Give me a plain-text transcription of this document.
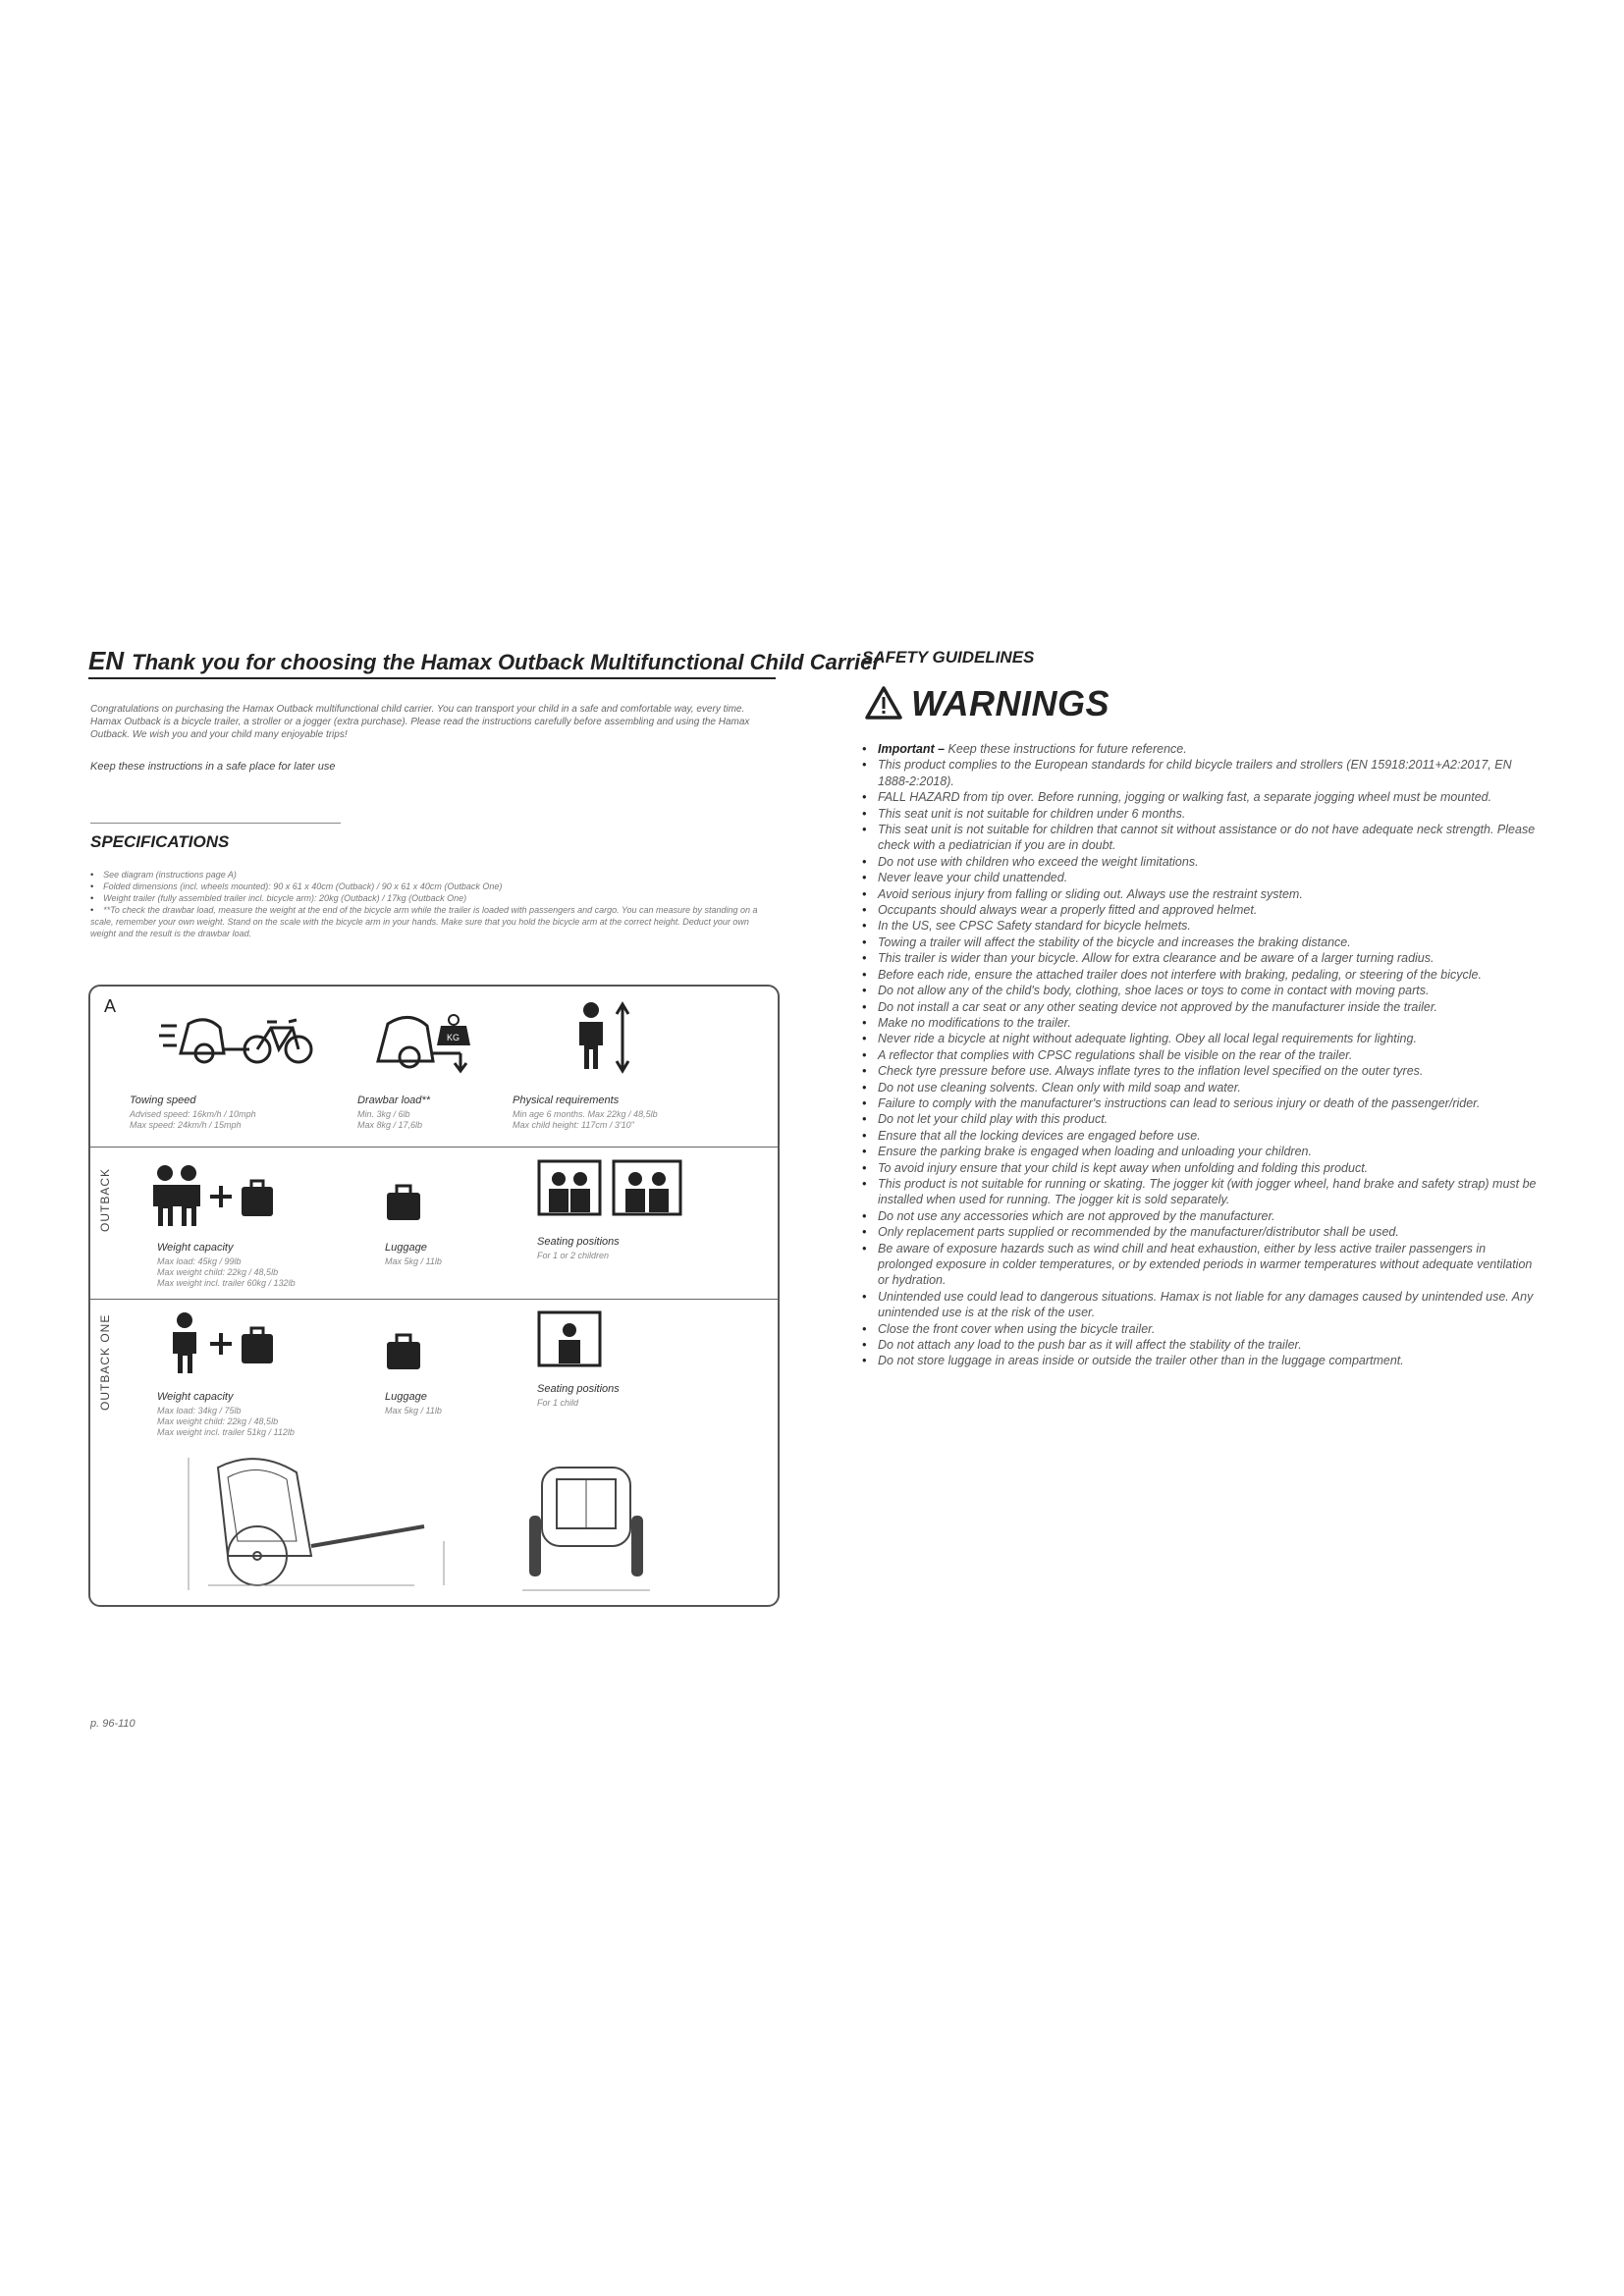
EN Thank you for choosing the Hamax Outback Multifunctional Child Carrier
Congratulations on purchasing the Hamax Outback multifunctional child carrier. You can transport your child in a safe and comfortable way, every time. Hamax Outback is a bicycle trailer, a stroller or a jogger (extra purchase). Please read the instructions carefully before assembling and using the Hamax Outback. We wish you and your child many enjoyable trips!
Keep these instructions in a safe place for later use
SPECIFICATIONS
• See diagram (instructions page A)
• Folded dimensions (incl. wheels mounted): 90 x 61 x 40cm (Outback) / 90 x 61 x 40cm (Outback One)
• Weight trailer (fully assembled trailer incl. bicycle arm): 20kg (Outback) / 17kg (Outback One)
• **To check the drawbar load, measure the weight at the end of the bicycle arm while the trailer is loaded with passengers and cargo. You can measure by standing on a scale, remember your own weight. Stand on the scale with the bicycle arm in your hands. Make sure that you hold the bicycle arm at the correct height. Deduct your own weight and the result is the drawbar load.
A
KG
Towing speed
Advised speed: 16km/h / 10mph
Max speed: 24km/h / 15mph
Drawbar load**
Min. 3kg / 6lb
Max 8kg / 17,6lb
Physical requirements
Min age 6 months. Max 22kg / 48,5lb
Max child height: 117cm / 3'10"
OUTBACK
Weight capacity
Max load: 45kg / 99lb
Max weight child: 22kg / 48,5lb
Max weight incl. trailer 60kg / 132lb
Luggage
Max 5kg / 11lb
Seating positions
For 1 or 2 children
OUTBACK ONE	Weight capacity
Max load: 34kg / 75lb
Max weight child: 22kg / 48,5lb
Max weight incl. trailer 51kg / 112lb
Luggage
Max 5kg / 11lb
Seating positions
For 1 child
p. 96-110
SAFETY GUIDELINES
WARNINGS
• Important – Keep these instructions for future reference.
• This product complies to the European standards for child bicycle trailers and strollers (EN 15918:2011+A2:2017, EN 1888-2:2018).
• FALL HAZARD from tip over. Before running, jogging or walking fast, a separate jogging wheel must be mounted.
• This seat unit is not suitable for children under 6 months.
• This seat unit is not suitable for children that cannot sit without assistance or do not have adequate neck strength. Please check with a pediatrician if you are in doubt.
• Do not use with children who exceed the weight limitations.
• Never leave your child unattended.
• Avoid serious injury from falling or sliding out. Always use the restraint system.
• Occupants should always wear a properly fitted and approved helmet.
• In the US, see CPSC Safety standard for bicycle helmets.
• Towing a trailer will affect the stability of the bicycle and increases the braking distance.
• This trailer is wider than your bicycle. Allow for extra clearance and be aware of a larger turning radius.
• Before each ride, ensure the attached trailer does not interfere with braking, pedaling, or steering of the bicycle.
• Do not allow any of the child's body, clothing, shoe laces or toys to come in contact with moving parts.
• Do not install a car seat or any other seating device not approved by the manufacturer inside the trailer.
• Make no modifications to the trailer.
• Never ride a bicycle at night without adequate lighting. Obey all local legal requirements for lighting.
• A reflector that complies with CPSC regulations shall be visible on the rear of the trailer.
• Check tyre pressure before use. Always inflate tyres to the inflation level specified on the outer tyres.
• Do not use cleaning solvents. Clean only with mild soap and water.
• Failure to comply with the manufacturer's instructions can lead to serious injury or death of the passenger/rider.
• Do not let your child play with this product.
• Ensure that all the locking devices are engaged before use.
• Ensure the parking brake is engaged when loading and unloading your children.
• To avoid injury ensure that your child is kept away when unfolding and folding this product.
• This product is not suitable for running or skating. The jogger kit (with jogger wheel, hand brake and safety strap) must be installed when used for running. The jogger kit is sold separately.
• Do not use any accessories which are not approved by the manufacturer.
• Only replacement parts supplied or recommended by the manufacturer/distributor shall be used.
• Be aware of exposure hazards such as wind chill and heat exhaustion, either by less active trailer passengers in prolonged exposure in colder temperatures, or by extended periods in warmer temperatures without adequate ventilation or hydration.
• Unintended use could lead to dangerous situations. Hamax is not liable for any damages caused by unintended use. Any unintended use is at the risk of the user.
• Close the front cover when using the bicycle trailer.
• Do not attach any load to the push bar as it will affect the stability of the trailer.
• Do not store luggage in areas inside or outside the trailer other than in the luggage compartment.
